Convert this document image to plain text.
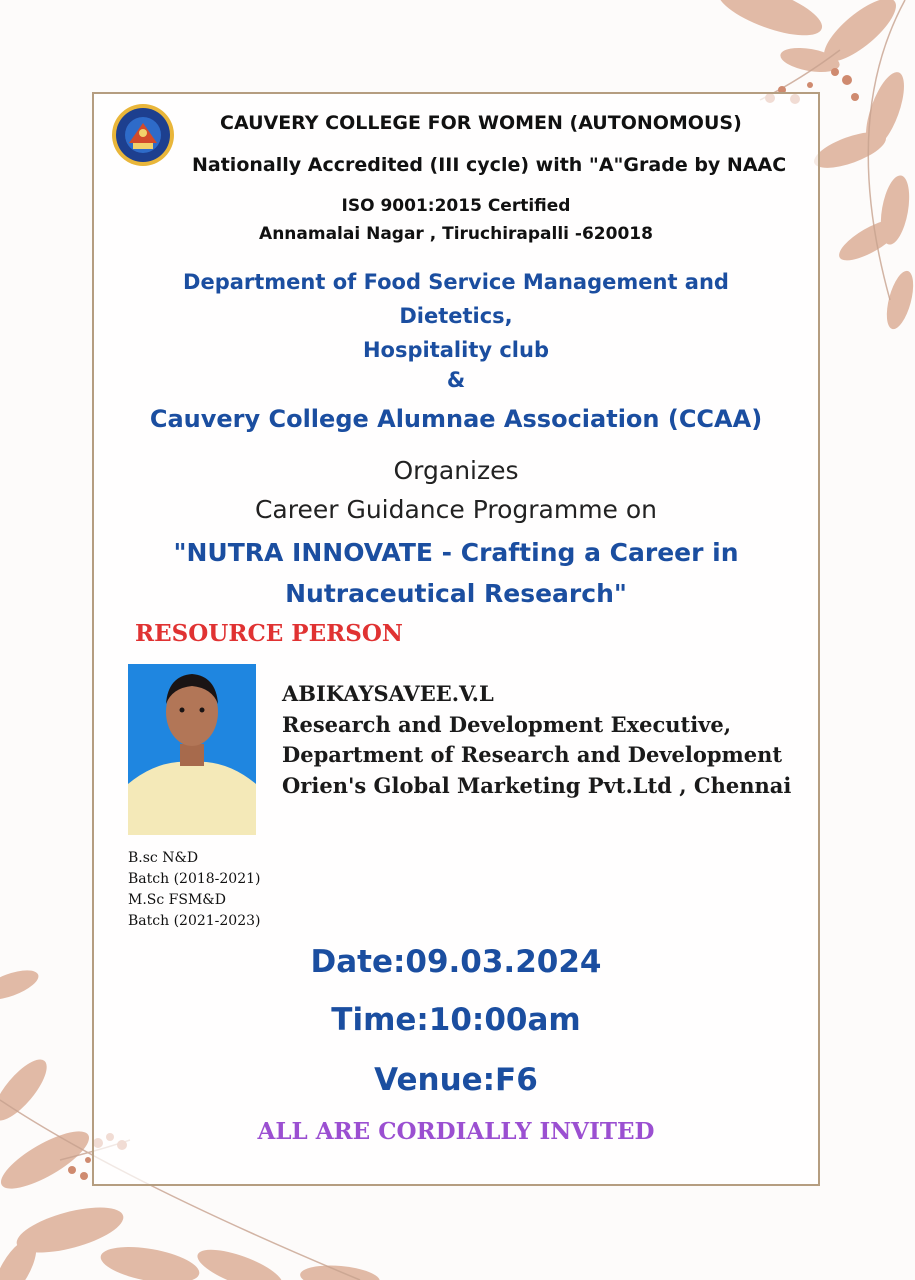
CAUVERY COLLEGE FOR WOMEN (AUTONOMOUS)
Nationally Accredited (III cycle) with "A"Grade by NAAC
ISO 9001:2015 Certified
Annamalai Nagar , Tiruchirapalli -620018
Department of Food Service Management and
Dietetics,
Hospitality club
&
Cauvery College Alumnae Association (CCAA)
Organizes
Career Guidance Programme on
"NUTRA INNOVATE - Crafting a Career in
Nutraceutical Research"
RESOURCE PERSON
ABIKAYSAVEE.V.L
Research and Development Executive,
Department of Research and Development
Orien's Global Marketing Pvt.Ltd , Chennai
B.sc N&D
Batch (2018-2021)
M.Sc FSM&D
Batch (2021-2023)
Date:09.03.2024
Time:10:00am
Venue:F6
ALL ARE CORDIALLY INVITED
